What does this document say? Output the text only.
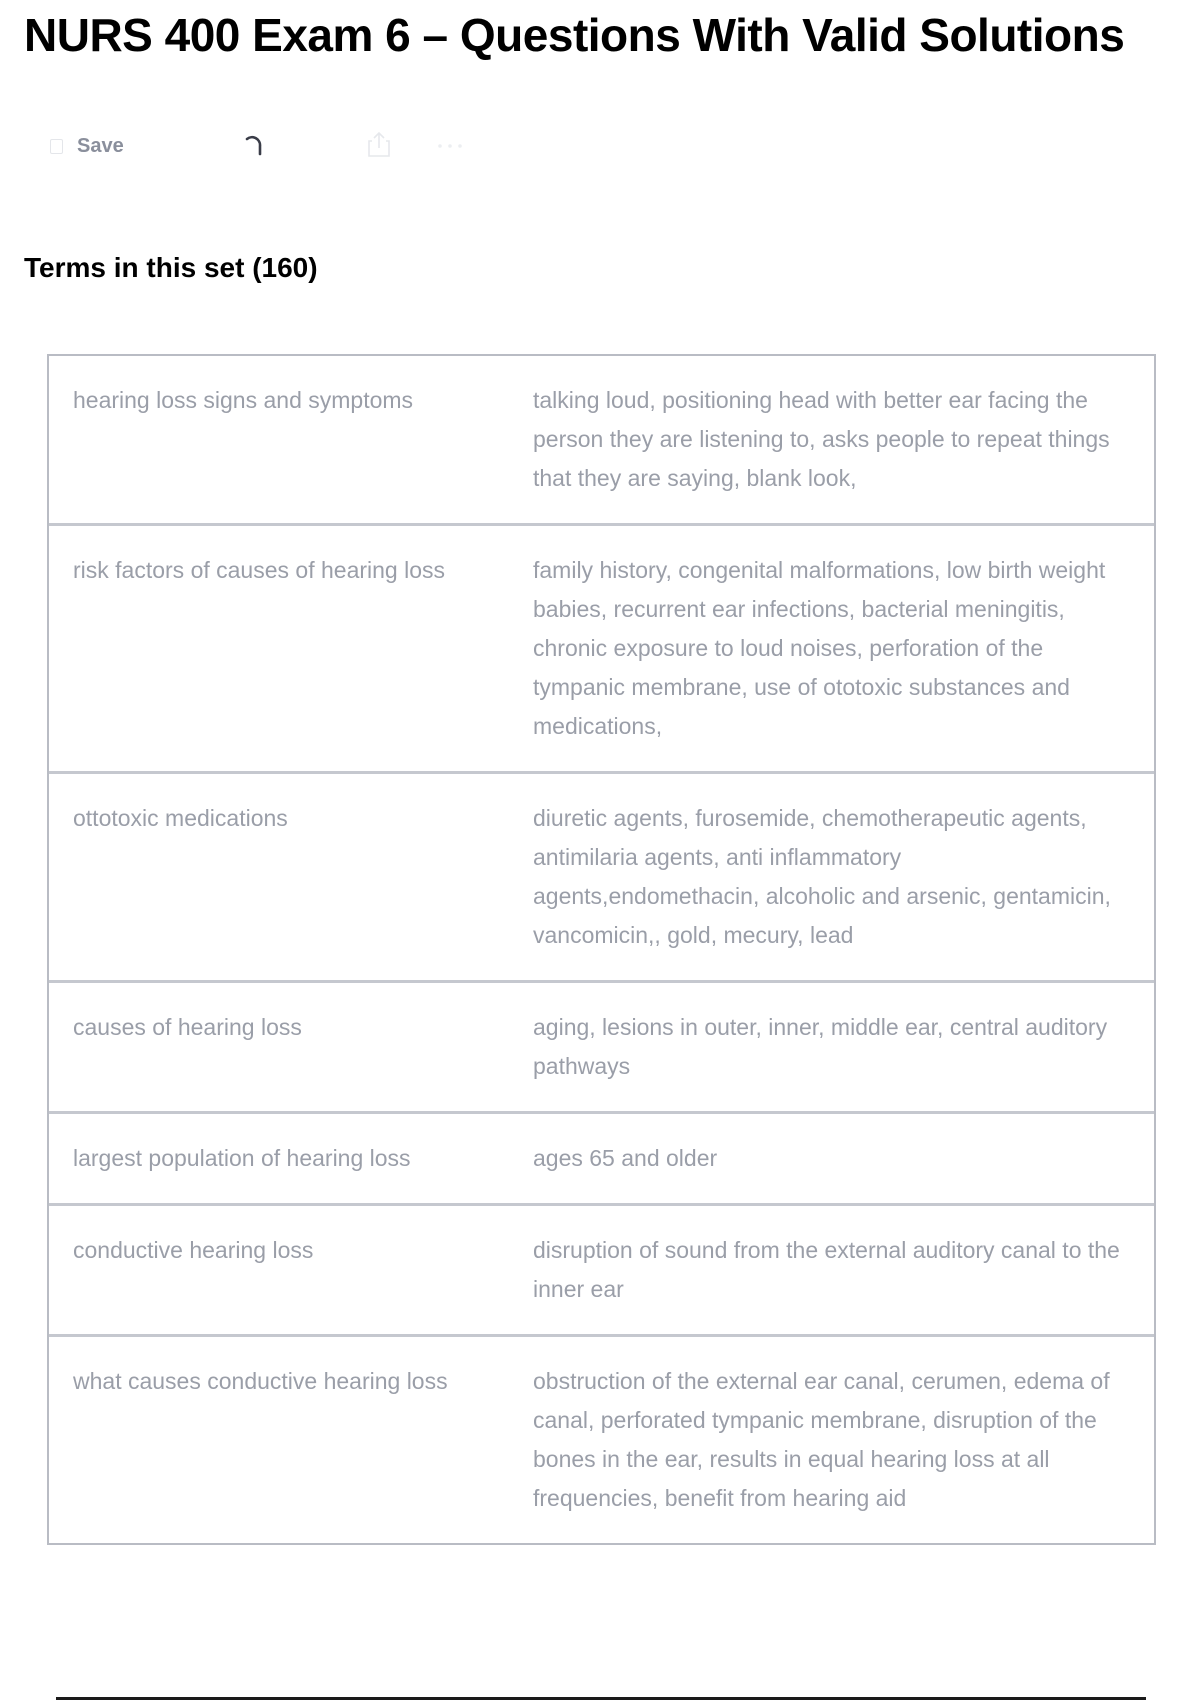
NURS 400 Exam 6 – Questions With Valid Solutions
Save
Terms in this set (160)
hearing loss signs and symptoms	talking loud, positioning head with better ear facing the person they are listening to, asks people to repeat things that they are saying, blank look,
risk factors of causes of hearing loss	family history, congenital malformations, low birth weight babies, recurrent ear infections, bacterial meningitis, chronic exposure to loud noises, perforation of the tympanic membrane, use of ototoxic substances and medications,
ottotoxic medications	diuretic agents, furosemide, chemotherapeutic agents, antimilaria agents, anti inflammatory agents,endomethacin, alcoholic and arsenic, gentamicin, vancomicin,, gold, mecury, lead
causes of hearing loss	aging, lesions in outer, inner, middle ear, central auditory pathways
largest population of hearing loss	ages 65 and older
conductive hearing loss	disruption of sound from the external auditory canal to the inner ear
what causes conductive hearing loss	obstruction of the external ear canal, cerumen, edema of canal, perforated tympanic membrane, disruption of the bones in the ear, results in equal hearing loss at all frequencies, benefit from hearing aid
